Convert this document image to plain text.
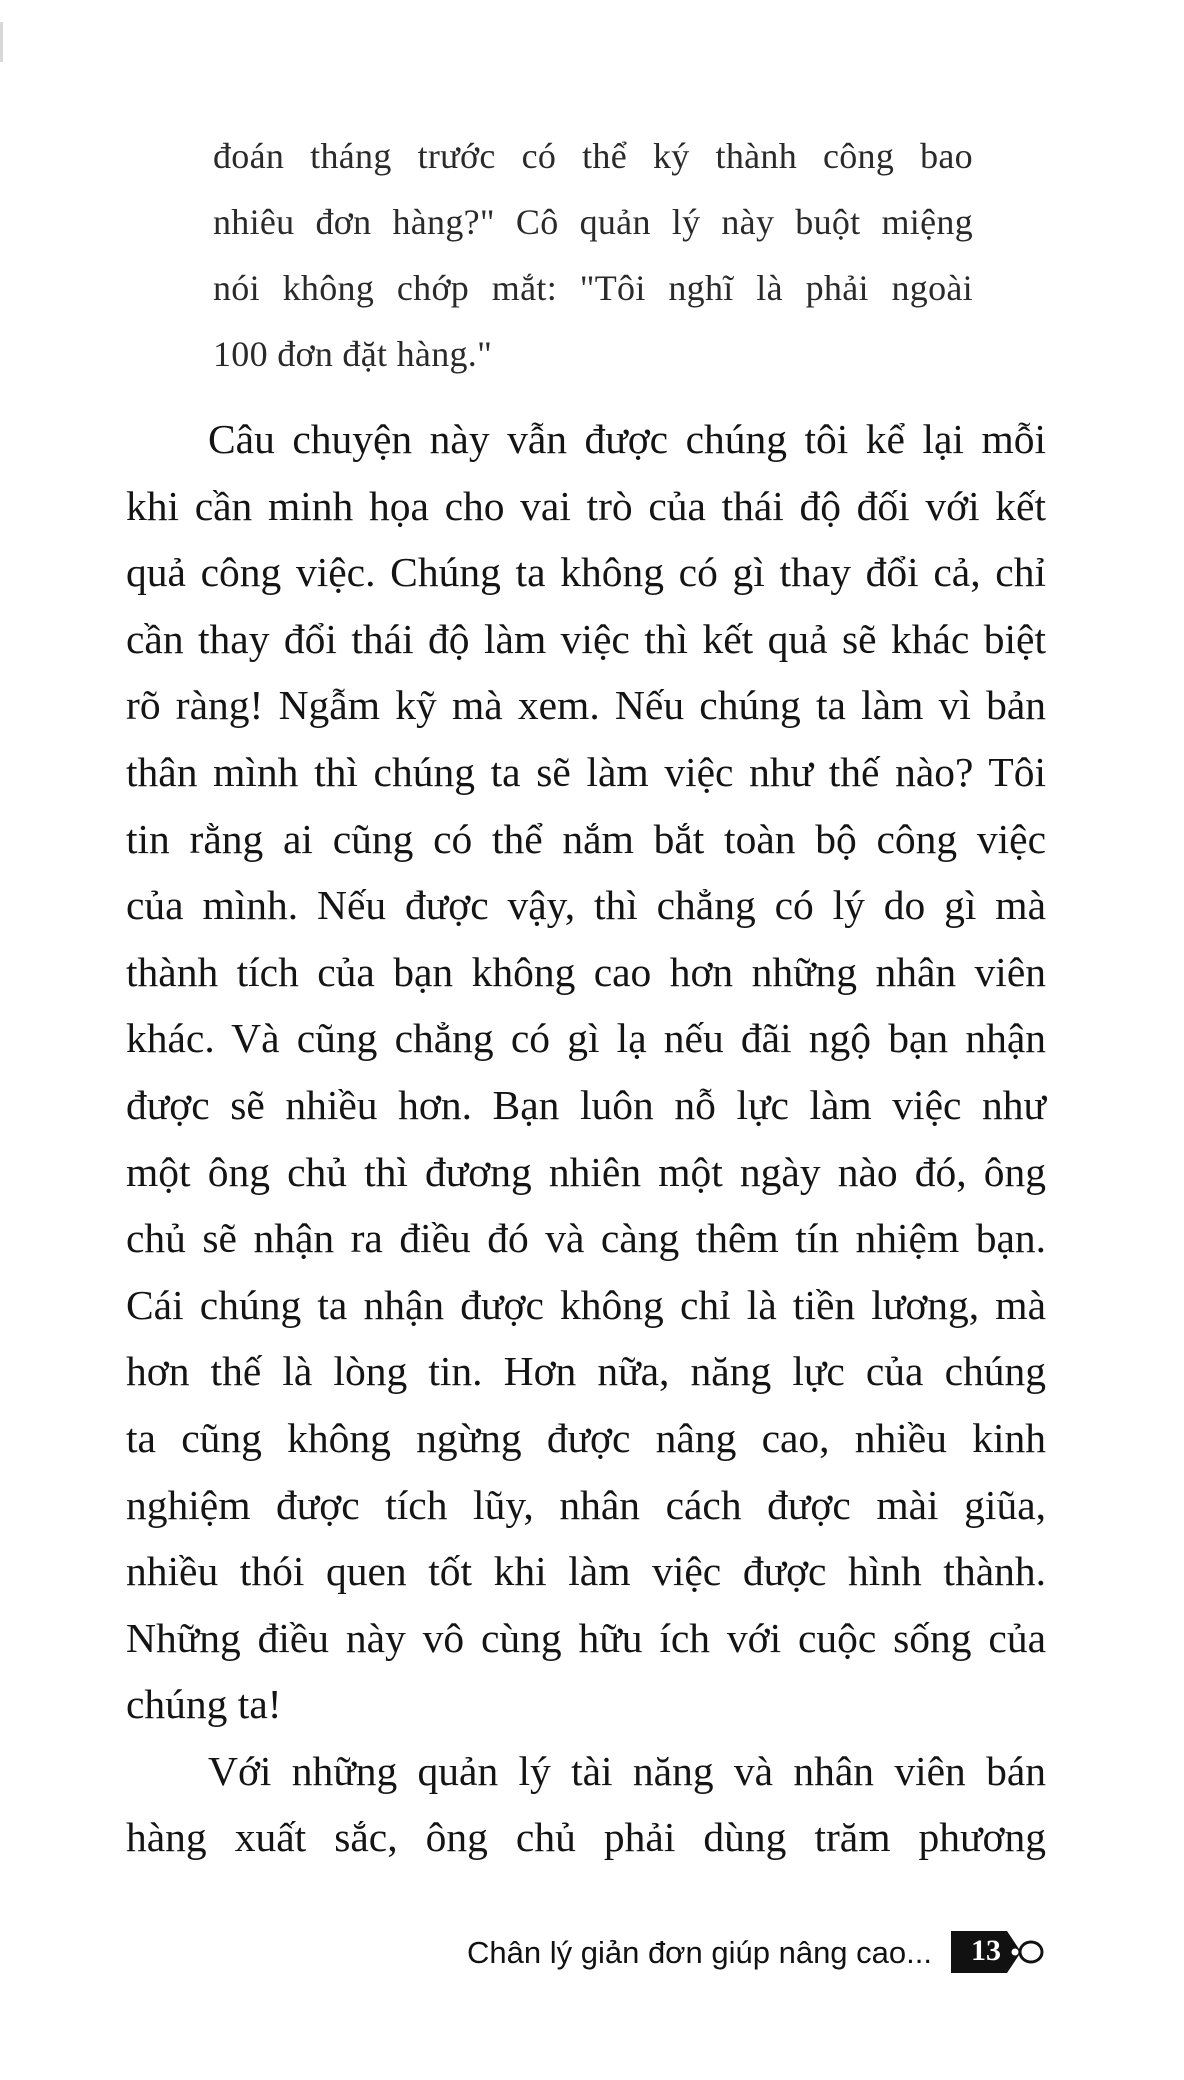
đoán tháng trước có thể ký thành công bao
nhiêu đơn hàng?" Cô quản lý này buột miệng
nói không chớp mắt: "Tôi nghĩ là phải ngoài
100 đơn đặt hàng."
Câu chuyện này vẫn được chúng tôi kể lại mỗi
khi cần minh họa cho vai trò của thái độ đối với kết
quả công việc. Chúng ta không có gì thay đổi cả, chỉ
cần thay đổi thái độ làm việc thì kết quả sẽ khác biệt
rõ ràng! Ngẫm kỹ mà xem. Nếu chúng ta làm vì bản
thân mình thì chúng ta sẽ làm việc như thế nào? Tôi
tin rằng ai cũng có thể nắm bắt toàn bộ công việc
của mình. Nếu được vậy, thì chẳng có lý do gì mà
thành tích của bạn không cao hơn những nhân viên
khác. Và cũng chẳng có gì lạ nếu đãi ngộ bạn nhận
được sẽ nhiều hơn. Bạn luôn nỗ lực làm việc như
một ông chủ thì đương nhiên một ngày nào đó, ông
chủ sẽ nhận ra điều đó và càng thêm tín nhiệm bạn.
Cái chúng ta nhận được không chỉ là tiền lương, mà
hơn thế là lòng tin. Hơn nữa, năng lực của chúng
ta cũng không ngừng được nâng cao, nhiều kinh
nghiệm được tích lũy, nhân cách được mài giũa,
nhiều thói quen tốt khi làm việc được hình thành.
Những điều này vô cùng hữu ích với cuộc sống của
chúng ta!
Với những quản lý tài năng và nhân viên bán
hàng xuất sắc, ông chủ phải dùng trăm phương
Chân lý giản đơn giúp nâng cao... 13
